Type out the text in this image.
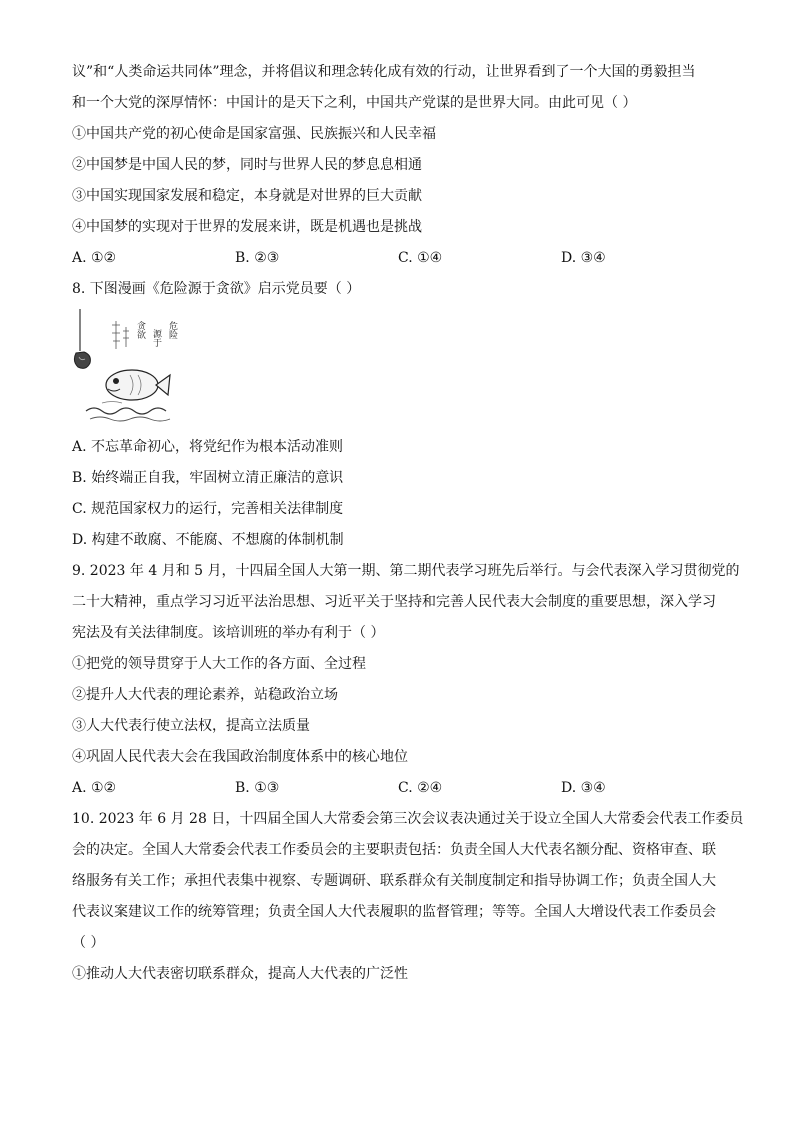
议”和“人类命运共同体”理念，并将倡议和理念转化成有效的行动，让世界看到了一个大国的勇毅担当
和一个大党的深厚情怀：中国计的是天下之利，中国共产党谋的是世界大同。由此可见（ ）
①中国共产党的初心使命是国家富强、民族振兴和人民幸福
②中国梦是中国人民的梦，同时与世界人民的梦息息相通
③中国实现国家发展和稳定，本身就是对世界的巨大贡献
④中国梦的实现对于世界的发展来讲，既是机遇也是挑战
A. ①②	B. ②③	C. ①④	D. ③④
8. 下图漫画《危险源于贪欲》启示党员要（ ）
危险
源于
贪欲
A. 不忘革命初心，将党纪作为根本活动准则
B. 始终端正自我，牢固树立清正廉洁的意识
C. 规范国家权力的运行，完善相关法律制度
D. 构建不敢腐、不能腐、不想腐的体制机制
9. 2023 年 4 月和 5 月，十四届全国人大第一期、第二期代表学习班先后举行。与会代表深入学习贯彻党的
二十大精神，重点学习习近平法治思想、习近平关于坚持和完善人民代表大会制度的重要思想，深入学习
宪法及有关法律制度。该培训班的举办有利于（ ）
①把党的领导贯穿于人大工作的各方面、全过程
②提升人大代表的理论素养，站稳政治立场
③人大代表行使立法权，提高立法质量
④巩固人民代表大会在我国政治制度体系中的核心地位
A. ①②	B. ①③	C. ②④	D. ③④
10. 2023 年 6 月 28 日，十四届全国人大常委会第三次会议表决通过关于设立全国人大常委会代表工作委员
会的决定。全国人大常委会代表工作委员会的主要职责包括：负责全国人大代表名额分配、资格审查、联
络服务有关工作；承担代表集中视察、专题调研、联系群众有关制度制定和指导协调工作；负责全国人大
代表议案建议工作的统筹管理；负责全国人大代表履职的监督管理；等等。全国人大增设代表工作委员会
（ ）
①推动人大代表密切联系群众，提高人大代表的广泛性
